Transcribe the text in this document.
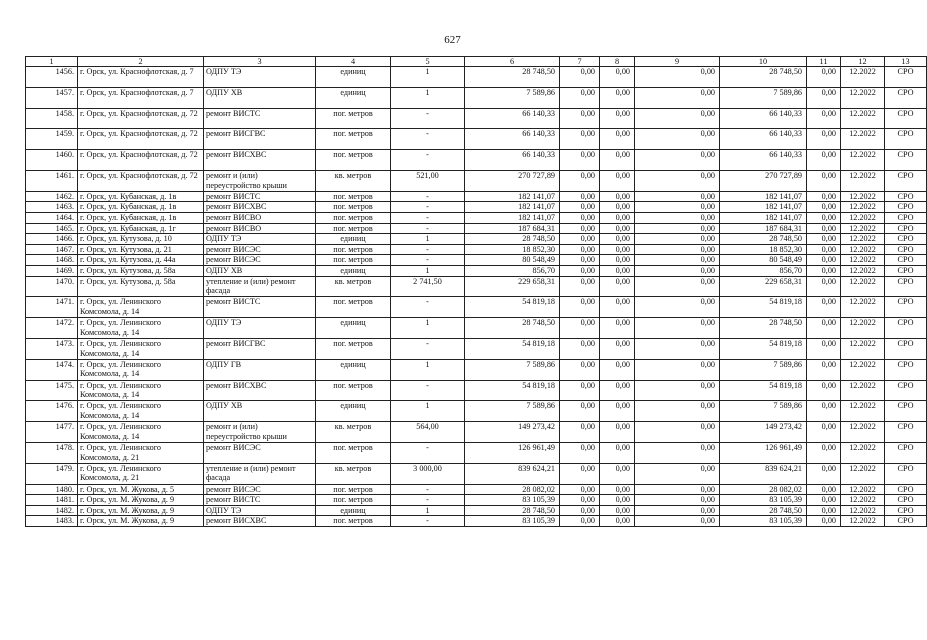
627
1	2	3	4	5	6	7	8	9	10	11	12	13
1456.	г. Орск, ул. Краснофлотская, д. 7	ОДПУ ТЭ	единиц	1	28 748,50	0,00	0,00	0,00	28 748,50	0,00	12.2022	СРО
1457.	г. Орск, ул. Краснофлотская, д. 7	ОДПУ ХВ	единиц	1	7 589,86	0,00	0,00	0,00	7 589,86	0,00	12.2022	СРО
1458.	г. Орск, ул. Краснофлотская, д. 72	ремонт ВИСТС	пог. метров	-	66 140,33	0,00	0,00	0,00	66 140,33	0,00	12.2022	СРО
1459.	г. Орск, ул. Краснофлотская, д. 72	ремонт ВИСГВС	пог. метров	-	66 140,33	0,00	0,00	0,00	66 140,33	0,00	12.2022	СРО
1460.	г. Орск, ул. Краснофлотская, д. 72	ремонт ВИСХВС	пог. метров	-	66 140,33	0,00	0,00	0,00	66 140,33	0,00	12.2022	СРО
1461.	г. Орск, ул. Краснофлотская, д. 72	ремонт и (или) переустройство крыши	кв. метров	521,00	270 727,89	0,00	0,00	0,00	270 727,89	0,00	12.2022	СРО
1462.	г. Орск, ул. Кубанская, д. 1в	ремонт ВИСТС	пог. метров	-	182 141,07	0,00	0,00	0,00	182 141,07	0,00	12.2022	СРО
1463.	г. Орск, ул. Кубанская, д. 1в	ремонт ВИСХВС	пог. метров	-	182 141,07	0,00	0,00	0,00	182 141,07	0,00	12.2022	СРО
1464.	г. Орск, ул. Кубанская, д. 1в	ремонт ВИСВО	пог. метров	-	182 141,07	0,00	0,00	0,00	182 141,07	0,00	12.2022	СРО
1465.	г. Орск, ул. Кубанская, д. 1г	ремонт ВИСВО	пог. метров	-	187 684,31	0,00	0,00	0,00	187 684,31	0,00	12.2022	СРО
1466.	г. Орск, ул. Кутузова, д. 10	ОДПУ ТЭ	единиц	1	28 748,50	0,00	0,00	0,00	28 748,50	0,00	12.2022	СРО
1467.	г. Орск, ул. Кутузова, д. 21	ремонт ВИСЭС	пог. метров	-	18 852,30	0,00	0,00	0,00	18 852,30	0,00	12.2022	СРО
1468.	г. Орск, ул. Кутузова, д. 44а	ремонт ВИСЭС	пог. метров	-	80 548,49	0,00	0,00	0,00	80 548,49	0,00	12.2022	СРО
1469.	г. Орск, ул. Кутузова, д. 58а	ОДПУ ХВ	единиц	1	856,70	0,00	0,00	0,00	856,70	0,00	12.2022	СРО
1470.	г. Орск, ул. Кутузова, д. 58а	утепление и (или) ремонт фасада	кв. метров	2 741,50	229 658,31	0,00	0,00	0,00	229 658,31	0,00	12.2022	СРО
1471.	г. Орск, ул. Ленинского Комсомола, д. 14	ремонт ВИСТС	пог. метров	-	54 819,18	0,00	0,00	0,00	54 819,18	0,00	12.2022	СРО
1472.	г. Орск, ул. Ленинского Комсомола, д. 14	ОДПУ ТЭ	единиц	1	28 748,50	0,00	0,00	0,00	28 748,50	0,00	12.2022	СРО
1473.	г. Орск, ул. Ленинского Комсомола, д. 14	ремонт ВИСГВС	пог. метров	-	54 819,18	0,00	0,00	0,00	54 819,18	0,00	12.2022	СРО
1474.	г. Орск, ул. Ленинского Комсомола, д. 14	ОДПУ ГВ	единиц	1	7 589,86	0,00	0,00	0,00	7 589,86	0,00	12.2022	СРО
1475.	г. Орск, ул. Ленинского Комсомола, д. 14	ремонт ВИСХВС	пог. метров	-	54 819,18	0,00	0,00	0,00	54 819,18	0,00	12.2022	СРО
1476.	г. Орск, ул. Ленинского Комсомола, д. 14	ОДПУ ХВ	единиц	1	7 589,86	0,00	0,00	0,00	7 589,86	0,00	12.2022	СРО
1477.	г. Орск, ул. Ленинского Комсомола, д. 14	ремонт и (или) переустройство крыши	кв. метров	564,00	149 273,42	0,00	0,00	0,00	149 273,42	0,00	12.2022	СРО
1478.	г. Орск, ул. Ленинского Комсомола, д. 21	ремонт ВИСЭС	пог. метров	-	126 961,49	0,00	0,00	0,00	126 961,49	0,00	12.2022	СРО
1479.	г. Орск, ул. Ленинского Комсомола, д. 21	утепление и (или) ремонт фасада	кв. метров	3 000,00	839 624,21	0,00	0,00	0,00	839 624,21	0,00	12.2022	СРО
1480.	г. Орск, ул. М. Жукова, д. 5	ремонт ВИСЭС	пог. метров	-	28 082,02	0,00	0,00	0,00	28 082,02	0,00	12.2022	СРО
1481.	г. Орск, ул. М. Жукова, д. 9	ремонт ВИСТС	пог. метров	-	83 105,39	0,00	0,00	0,00	83 105,39	0,00	12.2022	СРО
1482.	г. Орск, ул. М. Жукова, д. 9	ОДПУ ТЭ	единиц	1	28 748,50	0,00	0,00	0,00	28 748,50	0,00	12.2022	СРО
1483.	г. Орск, ул. М. Жукова, д. 9	ремонт ВИСХВС	пог. метров	-	83 105,39	0,00	0,00	0,00	83 105,39	0,00	12.2022	СРО
